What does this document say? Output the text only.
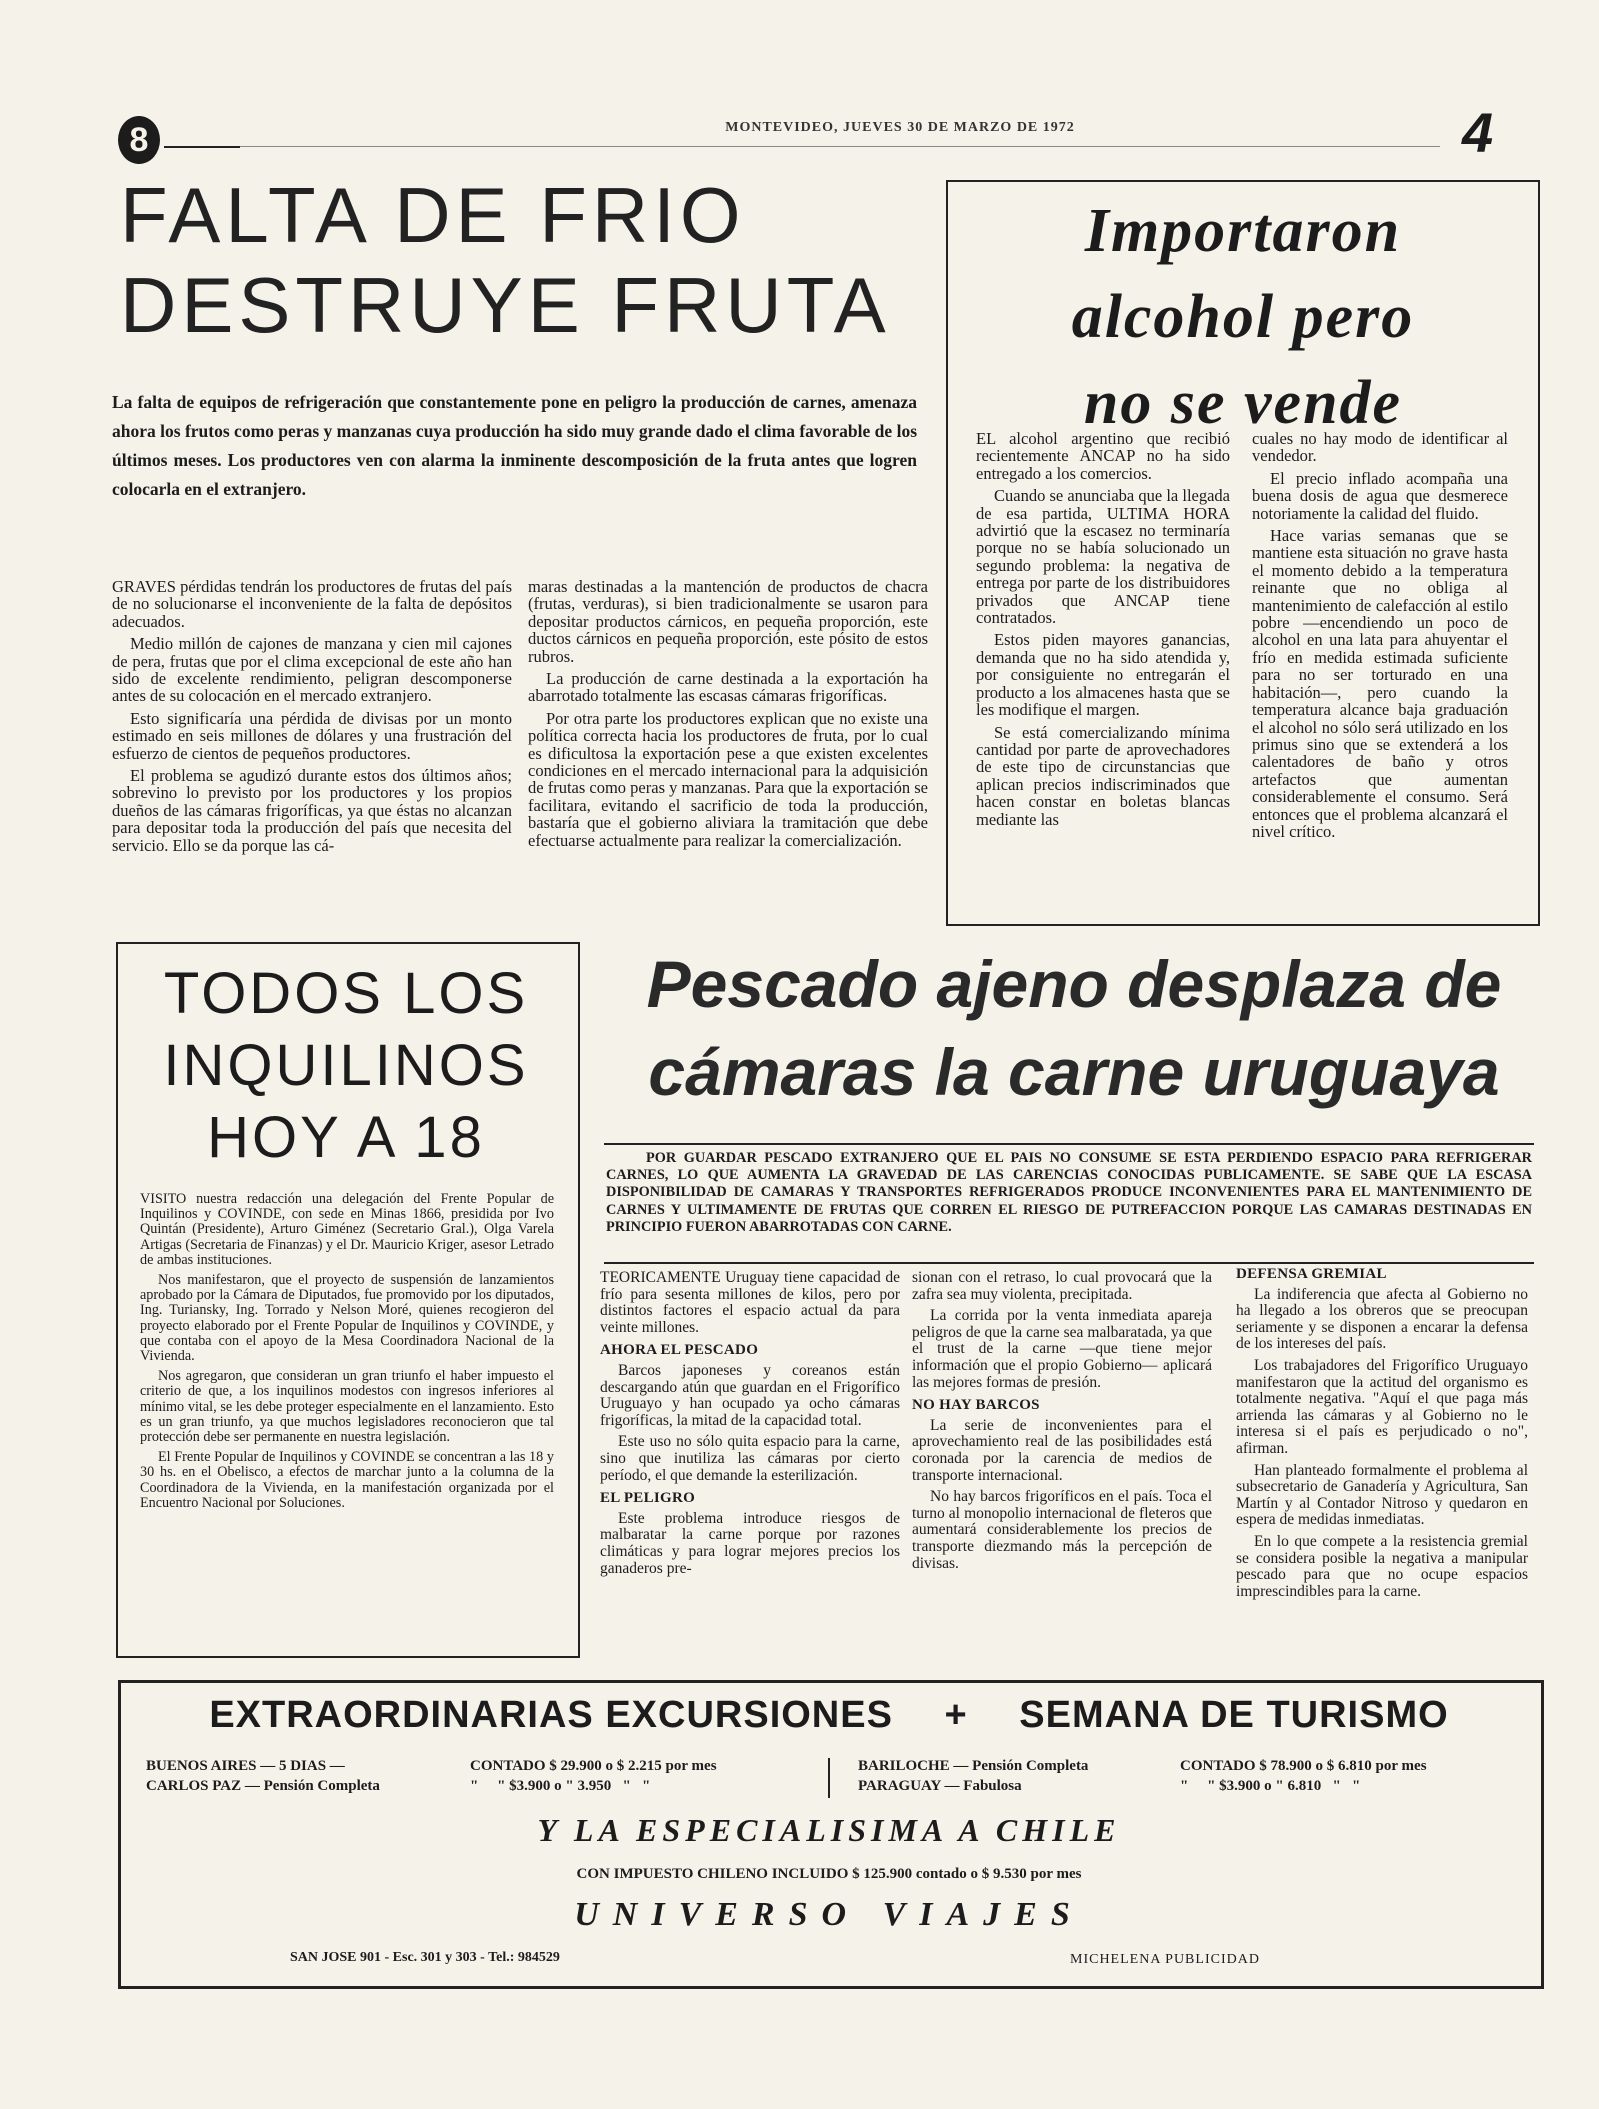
8	MONTEVIDEO, JUEVES 30 DE MARZO DE 1972	4
FALTA DE FRIO
DESTRUYE FRUTA
La falta de equipos de refrigeración que constantemente pone en peligro la producción de carnes, amenaza ahora los frutos como peras y manzanas cuya producción ha sido muy grande dado el clima favorable de los últimos meses. Los productores ven con alarma la inminente descomposición de la fruta antes que logren colocarla en el extranjero.

GRAVES pérdidas tendrán los productores de frutas del país de no solucionarse el inconveniente de la falta de depósitos adecuados.

Medio millón de cajones de manzana y cien mil cajones de pera, frutas que por el clima excepcional de este año han sido de excelente rendimiento, peligran descomponerse antes de su colocación en el mercado extranjero.

Esto significaría una pérdida de divisas por un monto estimado en seis millones de dólares y una frustración del esfuerzo de cientos de pequeños productores.

El problema se agudizó durante estos dos últimos años; sobrevino lo previsto por los productores y los propios dueños de las cámaras frigoríficas, ya que éstas no alcanzan para depositar toda la producción del país que necesita del servicio. Ello se da porque las cá-

maras destinadas a la mantención de productos de chacra (frutas, verduras), si bien tradicionalmente se usaron para depositar productos cárnicos, en pequeña proporción, este ductos cárnicos en pequeña proporción, este pósito de estos rubros.

La producción de carne destinada a la exportación ha abarrotado totalmente las escasas cámaras frigoríficas.

Por otra parte los productores explican que no existe una política correcta hacia los productores de fruta, por lo cual es dificultosa la exportación pese a que existen excelentes condiciones en el mercado internacional para la adquisición de frutas como peras y manzanas. Para que la exportación se facilitara, evitando el sacrificio de toda la producción, bastaría que el gobierno aliviara la tramitación que debe efectuarse actualmente para realizar la comercialización.

Importaron
alcohol pero
no se vende

EL alcohol argentino que recibió recientemente ANCAP no ha sido entregado a los comercios.

Cuando se anunciaba que la llegada de esa partida, ULTIMA HORA advirtió que la escasez no terminaría porque no se había solucionado un segundo problema: la negativa de entrega por parte de los distribuidores privados que ANCAP tiene contratados.

Estos piden mayores ganancias, demanda que no ha sido atendida y, por consiguiente no entregarán el producto a los almacenes hasta que se les modifique el margen.

Se está comercializando mínima cantidad por parte de aprovechadores de este tipo de circunstancias que aplican precios indiscriminados que hacen constar en boletas blancas mediante las

cuales no hay modo de identificar al vendedor.

El precio inflado acompaña una buena dosis de agua que desmerece notoriamente la calidad del fluido.

Hace varias semanas que se mantiene esta situación no grave hasta el momento debido a la temperatura reinante que no obliga al mantenimiento de calefacción al estilo pobre —encendiendo un poco de alcohol en una lata para ahuyentar el frío en medida estimada suficiente para no ser torturado en una habitación—, pero cuando la temperatura alcance baja graduación el alcohol no sólo será utilizado en los primus sino que se extenderá a los calentadores de baño y otros artefactos que aumentan considerablemente el consumo. Será entonces que el problema alcanzará el nivel crítico.

TODOS LOS
INQUILINOS
HOY A 18

VISITO nuestra redacción una delegación del Frente Popular de Inquilinos y COVINDE, con sede en Minas 1866, presidida por Ivo Quintán (Presidente), Arturo Giménez (Secretario Gral.), Olga Varela Artigas (Secretaria de Finanzas) y el Dr. Mauricio Kriger, asesor Letrado de ambas instituciones.

Nos manifestaron, que el proyecto de suspensión de lanzamientos aprobado por la Cámara de Diputados, fue promovido por los diputados, Ing. Turiansky, Ing. Torrado y Nelson Moré, quienes recogieron del proyecto elaborado por el Frente Popular de Inquilinos y COVINDE, y que contaba con el apoyo de la Mesa Coordinadora Nacional de la Vivienda.

Nos agregaron, que consideran un gran triunfo el haber impuesto el criterio de que, a los inquilinos modestos con ingresos inferiores al mínimo vital, se les debe proteger especialmente en el lanzamiento. Esto es un gran triunfo, ya que muchos legisladores reconocieron que tal protección debe ser permanente en nuestra legislación.

El Frente Popular de Inquilinos y COVINDE se concentran a las 18 y 30 hs. en el Obelisco, a efectos de marchar junto a la columna de la Coordinadora de la Vivienda, en la manifestación organizada por el Encuentro Nacional por Soluciones.

Pescado ajeno desplaza de
cámaras la carne uruguaya
POR GUARDAR PESCADO EXTRANJERO QUE EL PAIS NO CONSUME SE ESTA PERDIENDO ESPACIO PARA REFRIGERAR CARNES, LO QUE AUMENTA LA GRAVEDAD DE LAS CARENCIAS CONOCIDAS PUBLICAMENTE. SE SABE QUE LA ESCASA DISPONIBILIDAD DE CAMARAS Y TRANSPORTES REFRIGERADOS PRODUCE INCONVENIENTES PARA EL MANTENIMIENTO DE CARNES Y ULTIMAMENTE DE FRUTAS QUE CORREN EL RIESGO DE PUTREFACCION PORQUE LAS CAMARAS DESTINADAS EN PRINCIPIO FUERON ABARROTADAS CON CARNE.

TEORICAMENTE Uruguay tiene capacidad de frío para sesenta millones de kilos, pero por distintos factores el espacio actual da para veinte millones.

AHORA EL PESCADO

Barcos japoneses y coreanos están descargando atún que guardan en el Frigorífico Uruguayo y han ocupado ya ocho cámaras frigoríficas, la mitad de la capacidad total.

Este uso no sólo quita espacio para la carne, sino que inutiliza las cámaras por cierto período, el que demande la esterilización.

EL PELIGRO

Este problema introduce riesgos de malbaratar la carne porque por razones climáticas y para lograr mejores precios los ganaderos pre-

sionan con el retraso, lo cual provocará que la zafra sea muy violenta, precipitada.

La corrida por la venta inmediata apareja peligros de que la carne sea malbaratada, ya que el trust de la carne —que tiene mejor información que el propio Gobierno— aplicará las mejores formas de presión.

NO HAY BARCOS

La serie de inconvenientes para el aprovechamiento real de las posibilidades está coronada por la carencia de medios de transporte internacional.

No hay barcos frigoríficos en el país. Toca el turno al monopolio internacional de fleteros que aumentará considerablemente los precios de transporte diezmando más la percepción de divisas.

DEFENSA GREMIAL

La indiferencia que afecta al Gobierno no ha llegado a los obreros que se preocupan seriamente y se disponen a encarar la defensa de los intereses del país.

Los trabajadores del Frigorífico Uruguayo manifestaron que la actitud del organismo es totalmente negativa. "Aquí el que paga más arrienda las cámaras y al Gobierno no le interesa si el país es perjudicado o no", afirman.

Han planteado formalmente el problema al subsecretario de Ganadería y Agricultura, San Martín y al Contador Nitroso y quedaron en espera de medidas inmediatas.

En lo que compete a la resistencia gremial se considera posible la negativa a manipular pescado para que no ocupe espacios imprescindibles para la carne.

EXTRAORDINARIAS EXCURSIONES + SEMANA DE TURISMO
BUENOS AIRES — 5 DIAS —	CONTADO $ 29.900 o $ 2.215 por mes
CARLOS PAZ — Pensión Completa	"     " $3.900 o " 3.950   "   "
BARILOCHE — Pensión Completa	CONTADO $ 78.900 o $ 6.810 por mes
PARAGUAY — Fabulosa	"     " $3.900 o " 6.810   "   "
Y LA ESPECIALISIMA A CHILE
CON IMPUESTO CHILENO INCLUIDO $ 125.900 contado o $ 9.530 por mes
UNIVERSO VIAJES
SAN JOSE 901 - Esc. 301 y 303 - Tel.: 984529	MICHELENA PUBLICIDAD
